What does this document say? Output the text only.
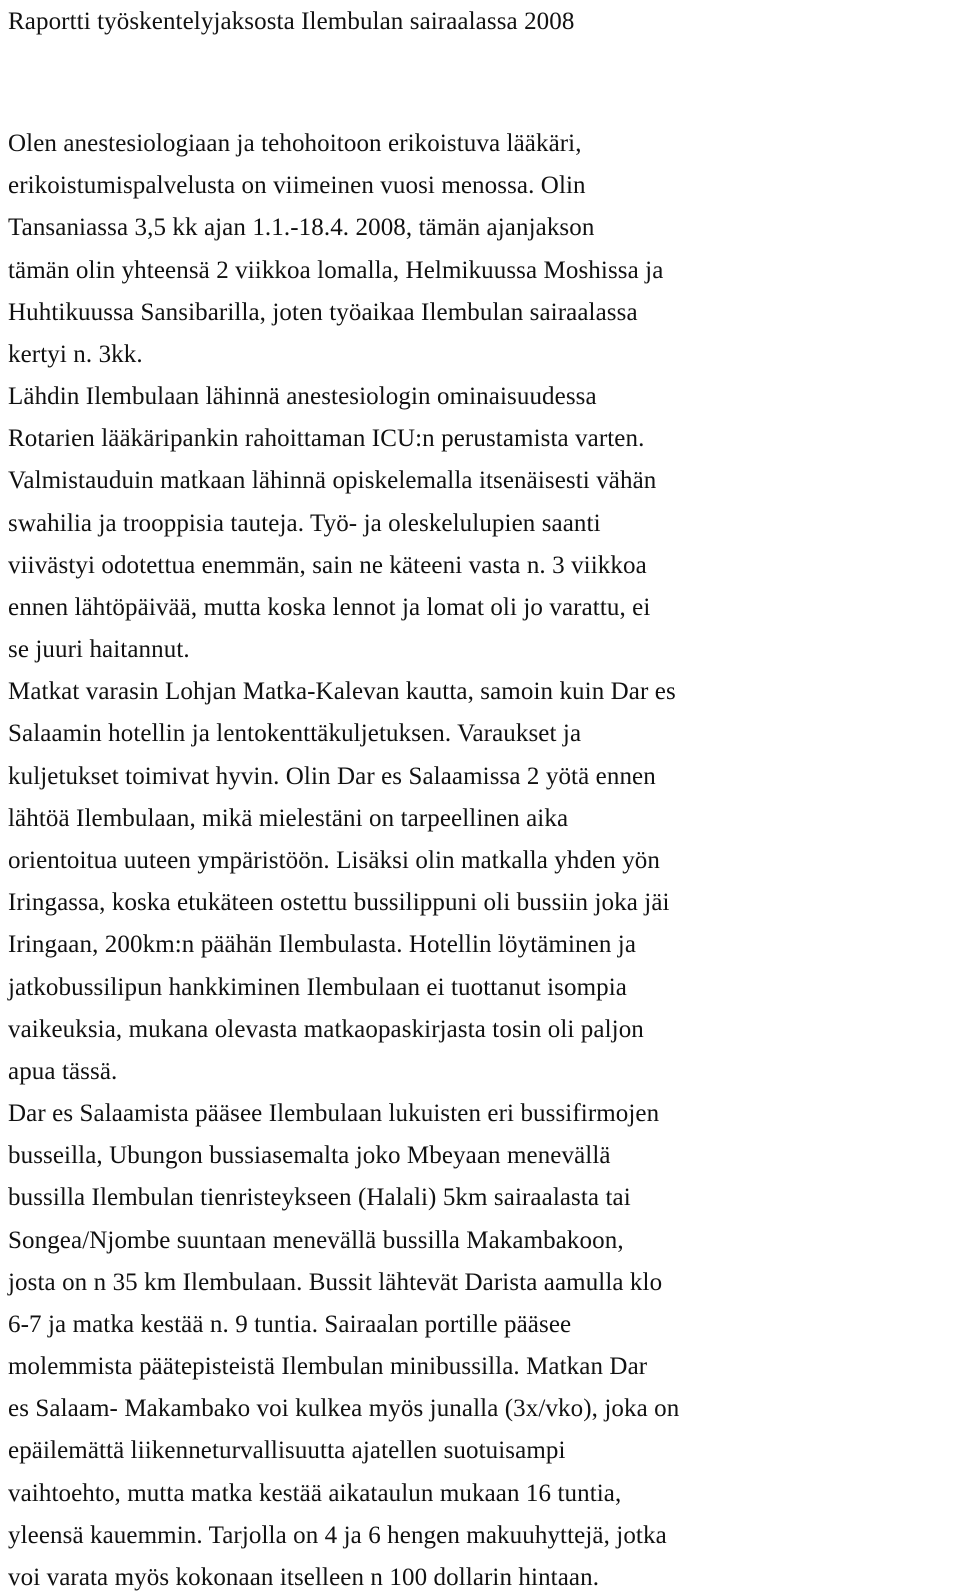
Raportti työskentelyjaksosta Ilembulan sairaalassa 2008
Olen anestesiologiaan ja tehohoitoon erikoistuva lääkäri,
erikoistumispalvelusta on viimeinen vuosi menossa. Olin
Tansaniassa 3,5 kk ajan 1.1.-18.4. 2008, tämän ajanjakson
tämän olin yhteensä 2 viikkoa lomalla, Helmikuussa Moshissa ja
Huhtikuussa Sansibarilla, joten työaikaa Ilembulan sairaalassa
kertyi n. 3kk.
Lähdin Ilembulaan lähinnä anestesiologin ominaisuudessa
Rotarien lääkäripankin rahoittaman ICU:n perustamista varten.
Valmistauduin matkaan lähinnä opiskelemalla itsenäisesti vähän
swahilia ja trooppisia tauteja. Työ- ja oleskelulupien saanti
viivästyi odotettua enemmän, sain ne käteeni vasta n. 3 viikkoa
ennen lähtöpäivää, mutta koska lennot ja lomat oli jo varattu, ei
se juuri haitannut.
Matkat varasin Lohjan Matka-Kalevan kautta, samoin kuin Dar es
Salaamin hotellin ja lentokenttäkuljetuksen. Varaukset ja
kuljetukset toimivat hyvin. Olin Dar es Salaamissa 2 yötä ennen
lähtöä Ilembulaan, mikä mielestäni on tarpeellinen aika
orientoitua uuteen ympäristöön. Lisäksi olin matkalla yhden yön
Iringassa, koska etukäteen ostettu bussilippuni oli bussiin joka jäi
Iringaan, 200km:n päähän Ilembulasta. Hotellin löytäminen ja
jatkobussilipun hankkiminen Ilembulaan ei tuottanut isompia
vaikeuksia, mukana olevasta matkaopaskirjasta tosin oli paljon
apua tässä.
Dar es Salaamista pääsee Ilembulaan lukuisten eri bussifirmojen
busseilla, Ubungon bussiasemalta joko Mbeyaan menevällä
bussilla Ilembulan tienristeykseen (Halali) 5km sairaalasta tai
Songea/Njombe suuntaan menevällä bussilla Makambakoon,
josta on n 35 km Ilembulaan. Bussit lähtevät Darista aamulla klo
6-7 ja matka kestää n. 9 tuntia. Sairaalan portille pääsee
molemmista päätepisteistä Ilembulan minibussilla. Matkan Dar
es Salaam- Makambako voi kulkea myös junalla (3x/vko), joka on
epäilemättä liikenneturvallisuutta ajatellen suotuisampi
vaihtoehto, mutta matka kestää aikataulun mukaan 16 tuntia,
yleensä kauemmin. Tarjolla on 4 ja 6 hengen makuuhyttejä, jotka
voi varata myös kokonaan itselleen n 100 dollarin hintaan.
